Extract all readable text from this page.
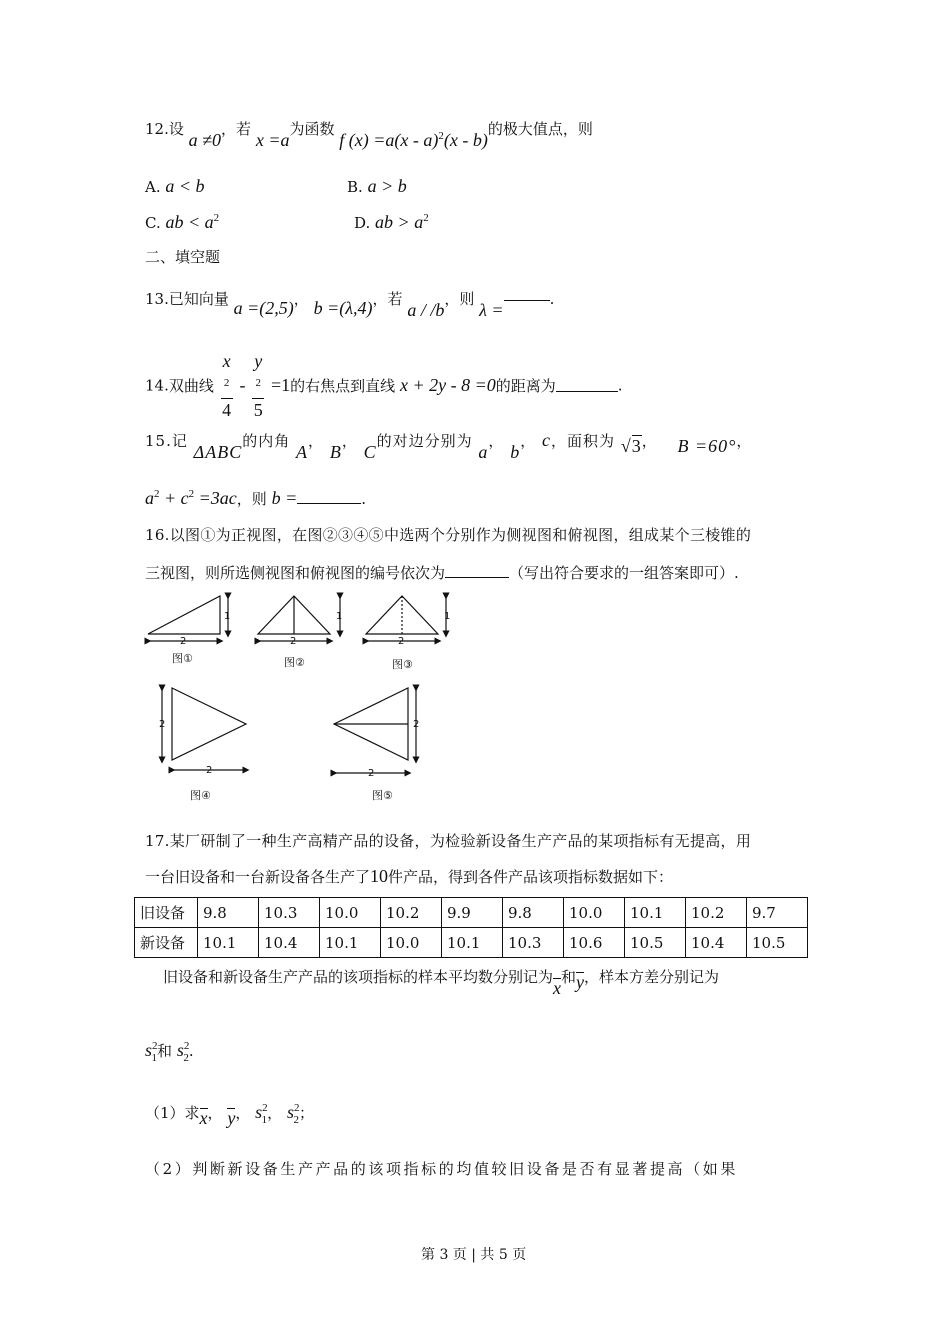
12.设 a ≠0，若 x =a为函数 f (x) =a(x - a)$^2$(x - b)的极大值点，则
A. a < b	B. a > b
C. ab < $a^2$	D. ab > $a^2$
二、填空题
13.已知向量 a =(2,5)， b =(λ,4)，若 a / /b，则 λ =.
14.双曲线 x
$^2$
4 - y
$^2$
5 =1的右焦点到直线 x + 2y - 8 =0的距离为	.
15.记 ΔABC的内角 A， B， C的对边分别为 a， b， c，面积为 √3， B =60°，
$a^2 + c^2 =3ac$，则 b =	.
16.以图①为正视图，在图②③④⑤中选两个分别作为侧视图和俯视图，组成某个三棱锥的
三视图，则所选侧视图和俯视图的编号依次为	（写出符合要求的一组答案即可）.
2
1
2
1
2
1
2
2
2
2
图①	图②	图③
图④	图⑤
17.某厂研制了一种生产高精产品的设备，为检验新设备生产产品的某项指标有无提高，用
一台旧设备和一台新设备各生产了10件产品，得到各件产品该项指标数据如下：
旧设备	9.8	10.3	10.0	10.2	9.9	9.8	10.0	10.1	10.2	9.7
新设备	10.1	10.4	10.1	10.0	10.1	10.3	10.6	10.5	10.4	10.5
旧设备和新设备生产产品的该项指标的样本平均数分别记为x和y，样本方差分别记为
$s^2_1$和 $s^2_2$.
（1）求x， y， $s^2_1$， $s^2_2$；
（2）判断新设备生产产品的该项指标的均值较旧设备是否有显著提高（如果
第 3 页 | 共 5 页
